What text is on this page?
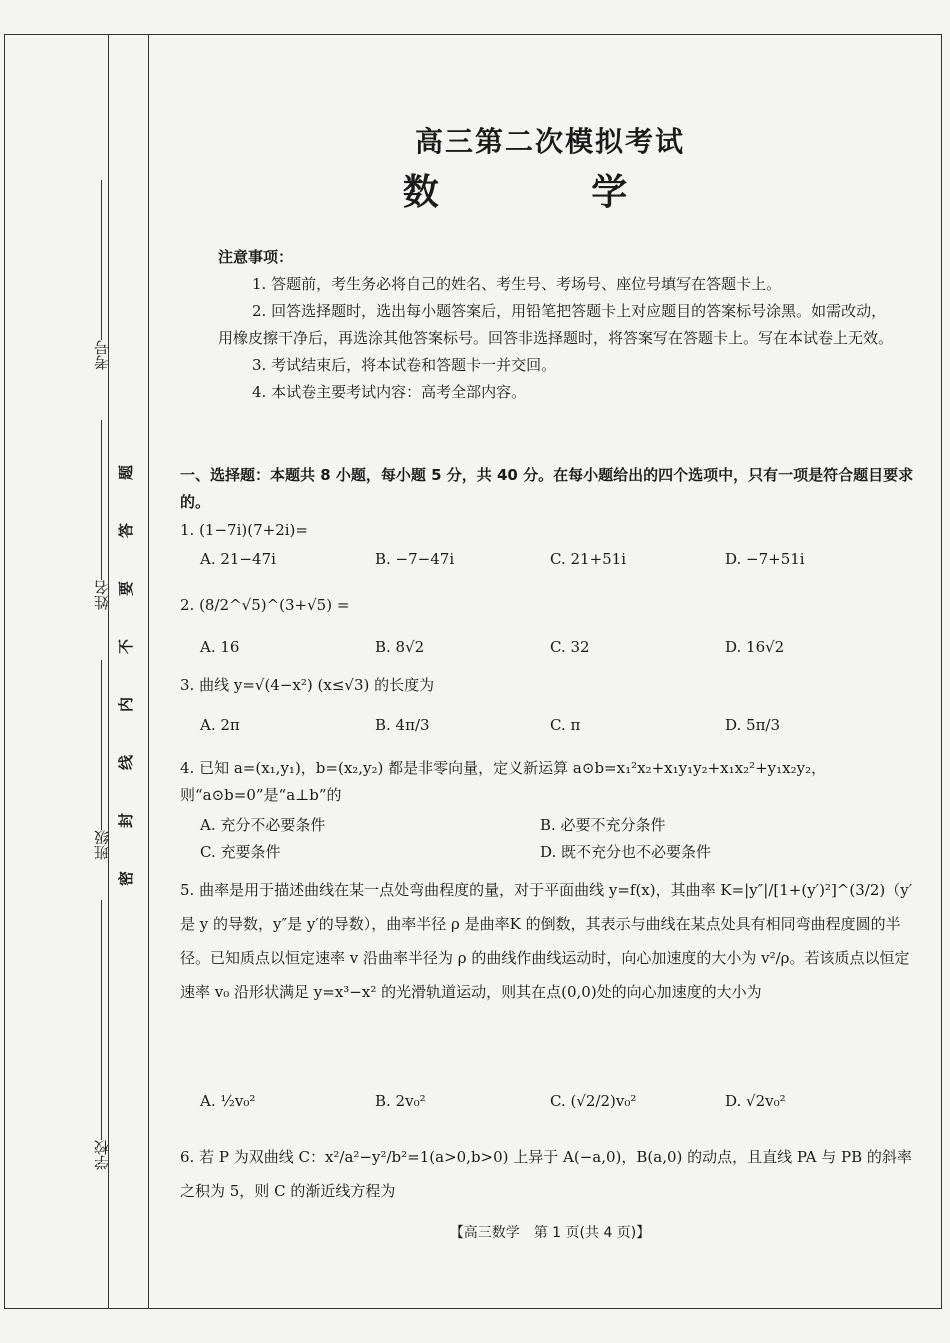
考号
姓名
班级
学校
题
答
要
不
内
线
封
密
高三第二次模拟考试
数 学
注意事项：
1. 答题前，考生务必将自己的姓名、考生号、考场号、座位号填写在答题卡上。
2. 回答选择题时，选出每小题答案后，用铅笔把答题卡上对应题目的答案标号涂黑。如需改动，用橡皮擦干净后，再选涂其他答案标号。回答非选择题时，将答案写在答题卡上。写在本试卷上无效。
3. 考试结束后，将本试卷和答题卡一并交回。
4. 本试卷主要考试内容：高考全部内容。
一、选择题：本题共 8 小题，每小题 5 分，共 40 分。在每小题给出的四个选项中，只有一项是符合题目要求的。
1. (1−7i)(7+2i)=
A. 21−47i	B. −7−47i	C. 21+51i	D. −7+51i
2. (8/2^√5)^(3+√5) =
A. 16	B. 8√2	C. 32	D. 16√2
3. 曲线 y=√(4−x²) (x≤√3) 的长度为
A. 2π	B. 4π/3	C. π	D. 5π/3
4. 已知 a=(x₁,y₁)，b=(x₂,y₂) 都是非零向量，定义新运算 a⊙b=x₁²x₂+x₁y₁y₂+x₁x₂²+y₁x₂y₂，则“a⊙b=0”是“a⊥b”的
A. 充分不必要条件	B. 必要不充分条件
C. 充要条件	D. 既不充分也不必要条件
5. 曲率是用于描述曲线在某一点处弯曲程度的量，对于平面曲线 y=f(x)，其曲率 K=|y″|/[1+(y′)²]^(3/2)（y′是 y 的导数，y″是 y′的导数），曲率半径 ρ 是曲率K 的倒数，其表示与曲线在某点处具有相同弯曲程度圆的半径。已知质点以恒定速率 v 沿曲率半径为 ρ 的曲线作曲线运动时，向心加速度的大小为 v²/ρ。若该质点以恒定速率 v₀ 沿形状满足 y=x³−x² 的光滑轨道运动，则其在点(0,0)处的向心加速度的大小为
A. ½v₀²	B. 2v₀²	C. (√2/2)v₀²	D. √2v₀²
6. 若 P 为双曲线 C：x²/a²−y²/b²=1(a>0,b>0) 上异于 A(−a,0)，B(a,0) 的动点，且直线 PA 与 PB 的斜率之积为 5，则 C 的渐近线方程为
【高三数学　第 1 页(共 4 页)】
